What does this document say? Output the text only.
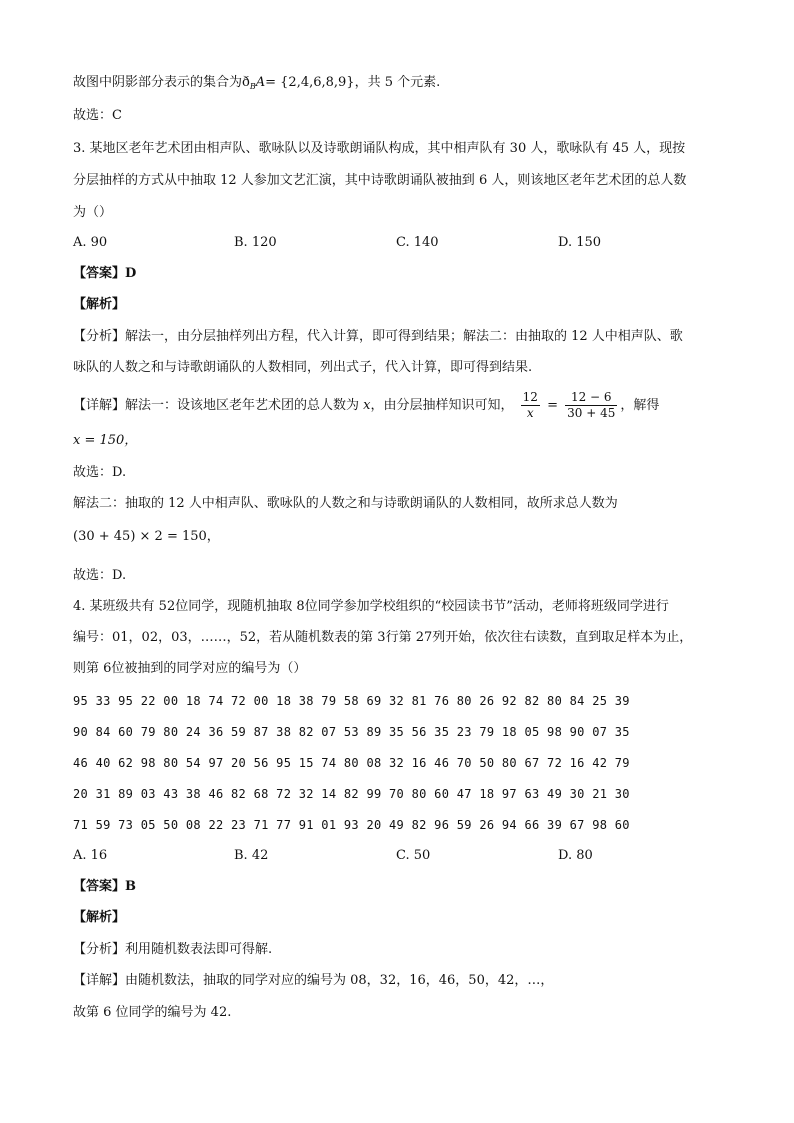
故图中阴影部分表示的集合为$ð_BA= \{2,4,6,8,9\}$，共 5 个元素.
故选：C
3. 某地区老年艺术团由相声队、歌咏队以及诗歌朗诵队构成，其中相声队有 30 人，歌咏队有 45 人，现按
分层抽样的方式从中抽取 12 人参加文艺汇演，其中诗歌朗诵队被抽到 6 人，则该地区老年艺术团的总人数
为（）
A. 90	B. 120	C. 140	D. 150
【答案】D
【解析】
【分析】解法一，由分层抽样列出方程，代入计算，即可得到结果；解法二：由抽取的 12 人中相声队、歌
咏队的人数之和与诗歌朗诵队的人数相同，列出式子，代入计算，即可得到结果.
【详解】解法一：设该地区老年艺术团的总人数为 x，由分层抽样知识可知， $\frac{12}{x} = \frac{12 - 6}{30 + 45}$ ，解得
x = 150，
故选：D.
解法二：抽取的 12 人中相声队、歌咏队的人数之和与诗歌朗诵队的人数相同，故所求总人数为
(30 + 45) × 2 = 150，
故选：D.
4. 某班级共有 52位同学，现随机抽取 8位同学参加学校组织的“校园读书节”活动，老师将班级同学进行
编号：01，02，03，……，52，若从随机数表的第 3行第 27列开始，依次往右读数，直到取足样本为止，
则第 6位被抽到的同学对应的编号为（）
95 33 95 22 00 18 74 72 00 18 38 79 58 69 32 81 76 80 26 92 82 80 84 25 39
90 84 60 79 80 24 36 59 87 38 82 07 53 89 35 56 35 23 79 18 05 98 90 07 35
46 40 62 98 80 54 97 20 56 95 15 74 80 08 32 16 46 70 50 80 67 72 16 42 79
20 31 89 03 43 38 46 82 68 72 32 14 82 99 70 80 60 47 18 97 63 49 30 21 30
71 59 73 05 50 08 22 23 71 77 91 01 93 20 49 82 96 59 26 94 66 39 67 98 60
A. 16	B. 42	C. 50	D. 80
【答案】B
【解析】
【分析】利用随机数表法即可得解.
【详解】由随机数法，抽取的同学对应的编号为 08，32，16，46，50，42，…，
故第 6 位同学的编号为 42.
